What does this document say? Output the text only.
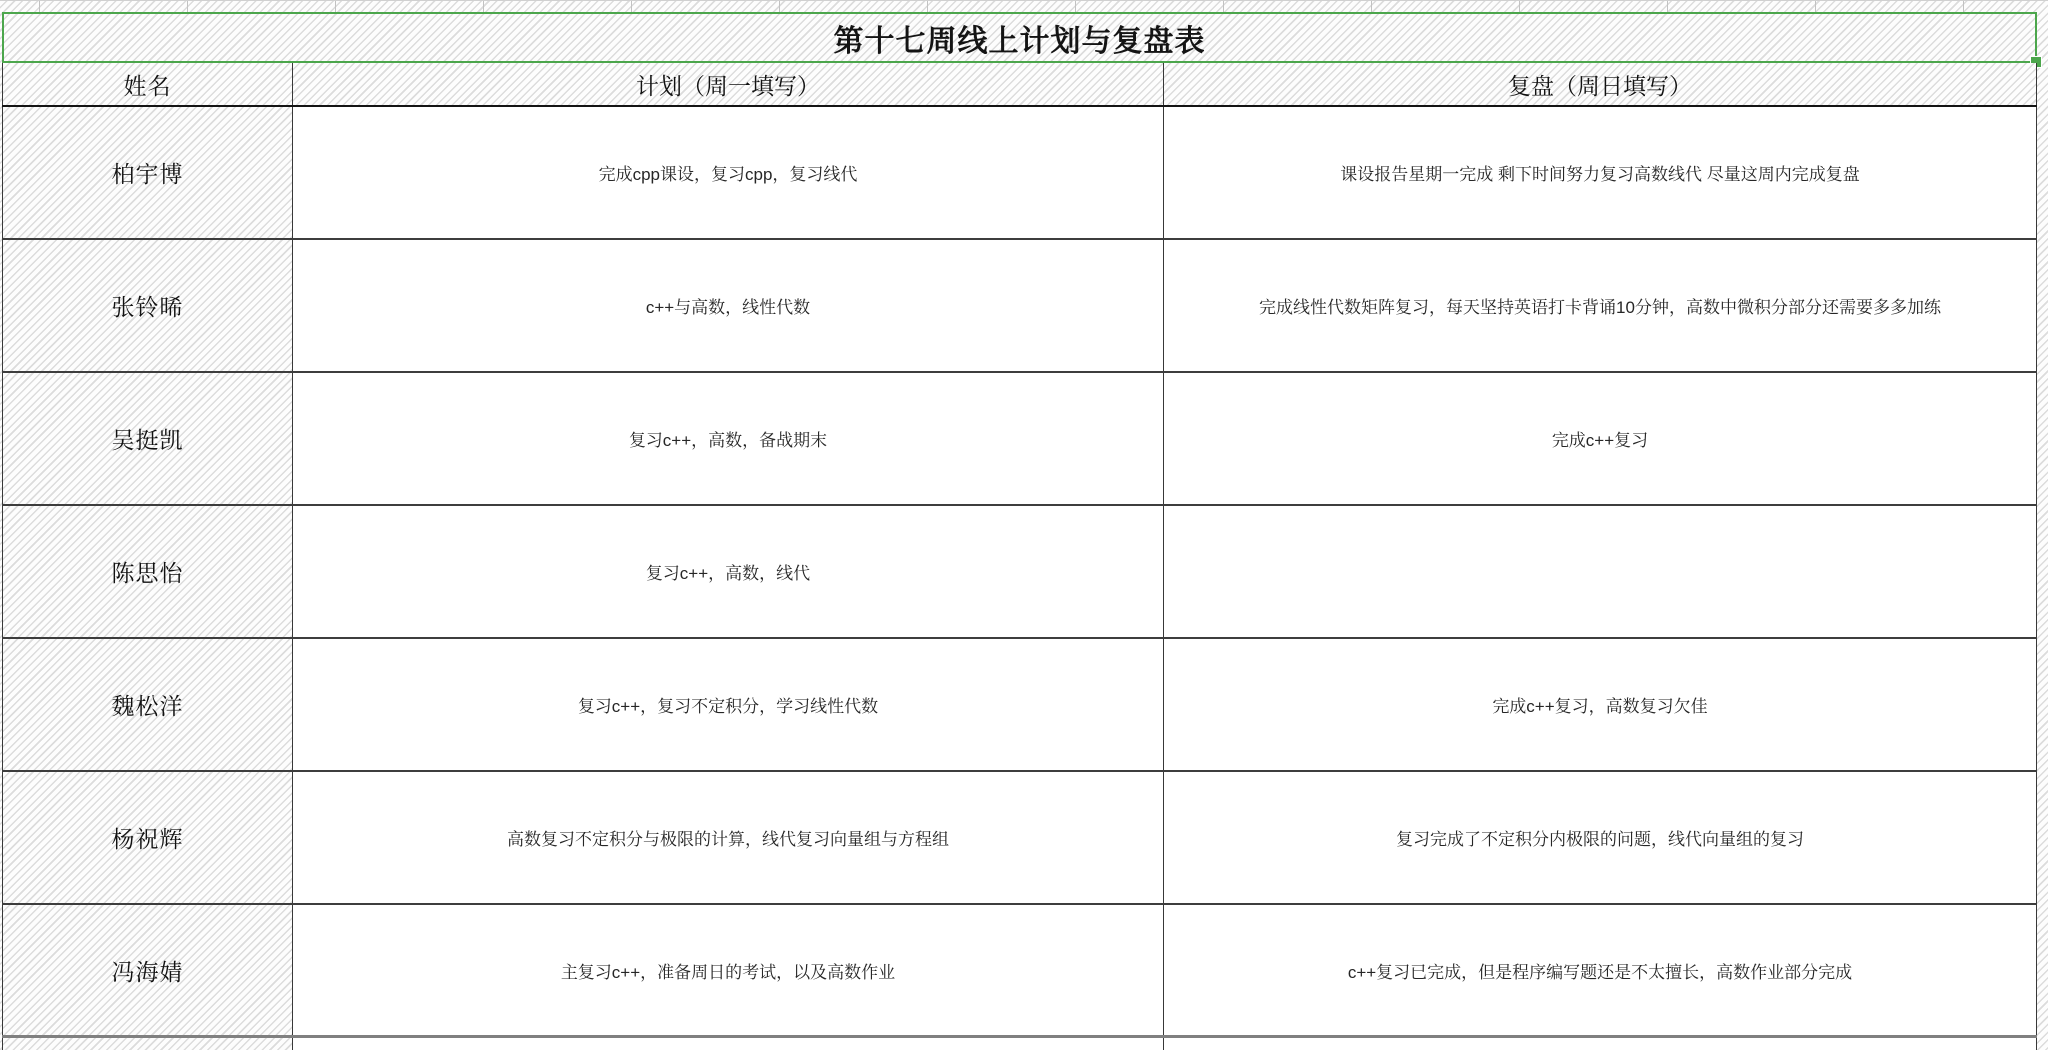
第十七周线上计划与复盘表
姓名	计划（周一填写）	复盘（周日填写）
柏宇博	完成cpp课设，复习cpp，复习线代	课设报告星期一完成 剩下时间努力复习高数线代 尽量这周内完成复盘
张铃晞	c++与高数，线性代数	完成线性代数矩阵复习，每天坚持英语打卡背诵10分钟，高数中微积分部分还需要多多加练
吴挺凯	复习c++，高数，备战期末	完成c++复习
陈思怡	复习c++，高数，线代
魏松洋	复习c++，复习不定积分，学习线性代数	完成c++复习，高数复习欠佳
杨祝辉	高数复习不定积分与极限的计算，线代复习向量组与方程组	复习完成了不定积分内极限的问题，线代向量组的复习
冯海婧	主复习c++，准备周日的考试，以及高数作业	c++复习已完成，但是程序编写题还是不太擅长，高数作业部分完成
